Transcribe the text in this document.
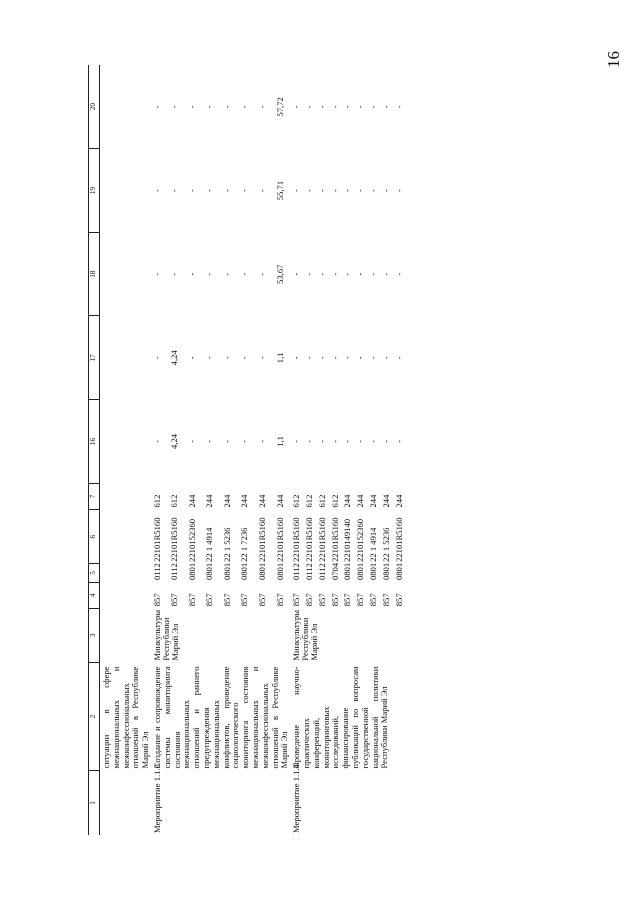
16
1	2	3	4	5	6	7	16	17	18	19	20

	ситуации в сфере межнациональных и межконфессиональных отношений в Республике Марий Эл										

Мероприятие 1.1.3	Создание и сопровождение системы мониторинга состояния межнациональных отношений и раннего предупреждения межнациональных конфликтов, проведение социологического мониторинга состояния межнациональных и межконфессиональных отношений в Республике Марий Эл	Минкультуры Республики Марий Эл	857	0112	22101R5160	612	-	-	-	-	-
			857	0112	22101R5160	612	4,24	4,24	-	-	-
			857	0801	2210152360	244	-	-	-	-	-
			857	0801	22 1 4914	244	-	-	-	-	-
			857	0801	22 1 5236	244	-	-	-	-	-
			857	0801	22 1 7236	244	-	-	-	-	-
			857	0801	22101R5160	244	-	-	-	-	-
			857	0801	22101R5160	244	1,1	1,1	53,67	55,71	57,72
Мероприятие 1.1.4	Проведение научно-практических конференций, мониторинговых исследований, финансирование публикаций по вопросам государственной национальной политики Республики Марий Эл	Минкультуры Республики Марий Эл	857	0112	22101R5160	612	-	-	-	-	-
			857	0112	22101R5160	612	-	-	-	-	-
			857	0112	22101R5160	612	-	-	-	-	-
			857	0704	22101R5160	612	-	-	-	-	-
			857	0801	2210149140	244	-	-	-	-	-
			857	0801	2210152360	244	-	-	-	-	-
			857	0801	22 1 4914	244	-	-	-	-	-
			857	0801	22 1 5236	244	-	-	-	-	-
			857	0801	22101R5160	244	-	-	-	-	-
